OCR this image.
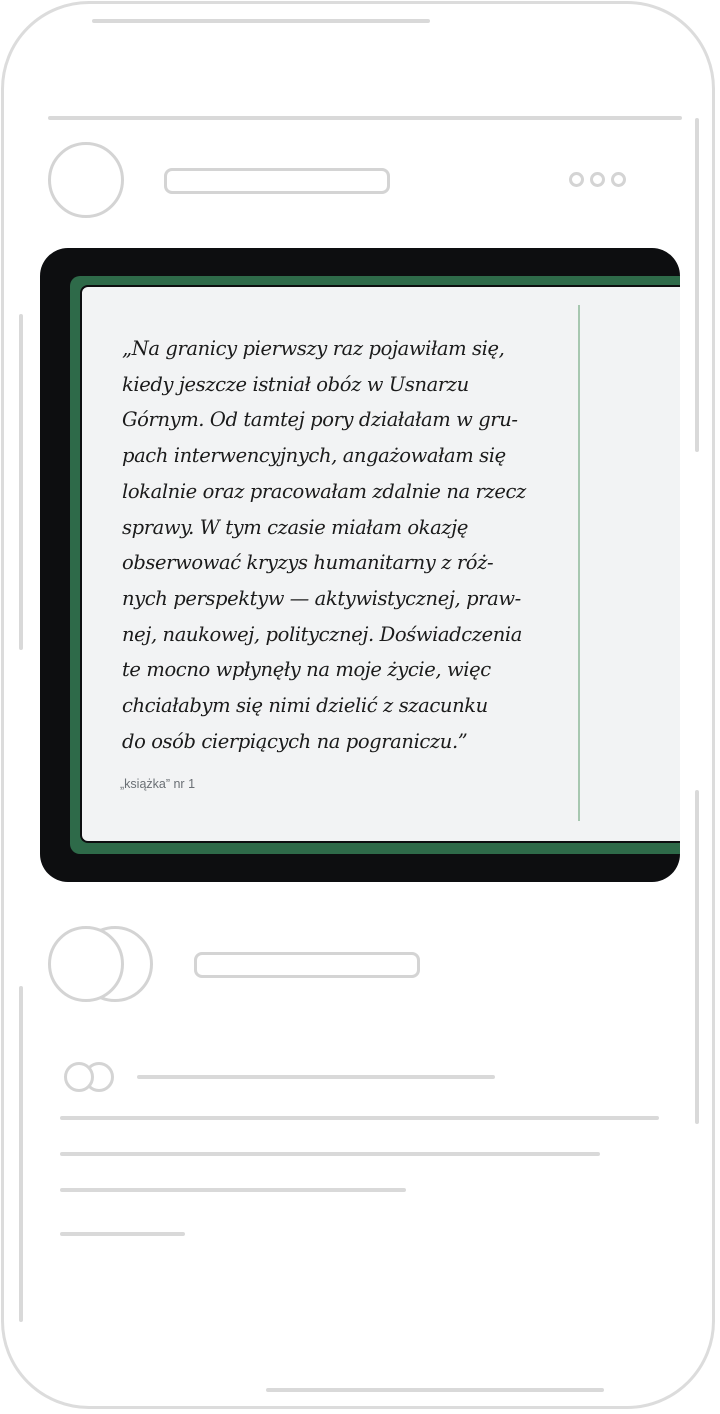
„Na granicy pierwszy raz pojawiłam się,
kiedy jeszcze istniał obóz w Usnarzu
Górnym. Od tamtej pory działałam w gru-
pach interwencyjnych, angażowałam się
lokalnie oraz pracowałam zdalnie na rzecz
sprawy. W tym czasie miałam okazję
obserwować kryzys humanitarny z róż-
nych perspektyw — aktywistycznej, praw-
nej, naukowej, politycznej. Doświadczenia
te mocno wpłynęły na moje życie, więc
chciałabym się nimi dzielić z szacunku
do osób cierpiących na pograniczu.”

„książka” nr 1
